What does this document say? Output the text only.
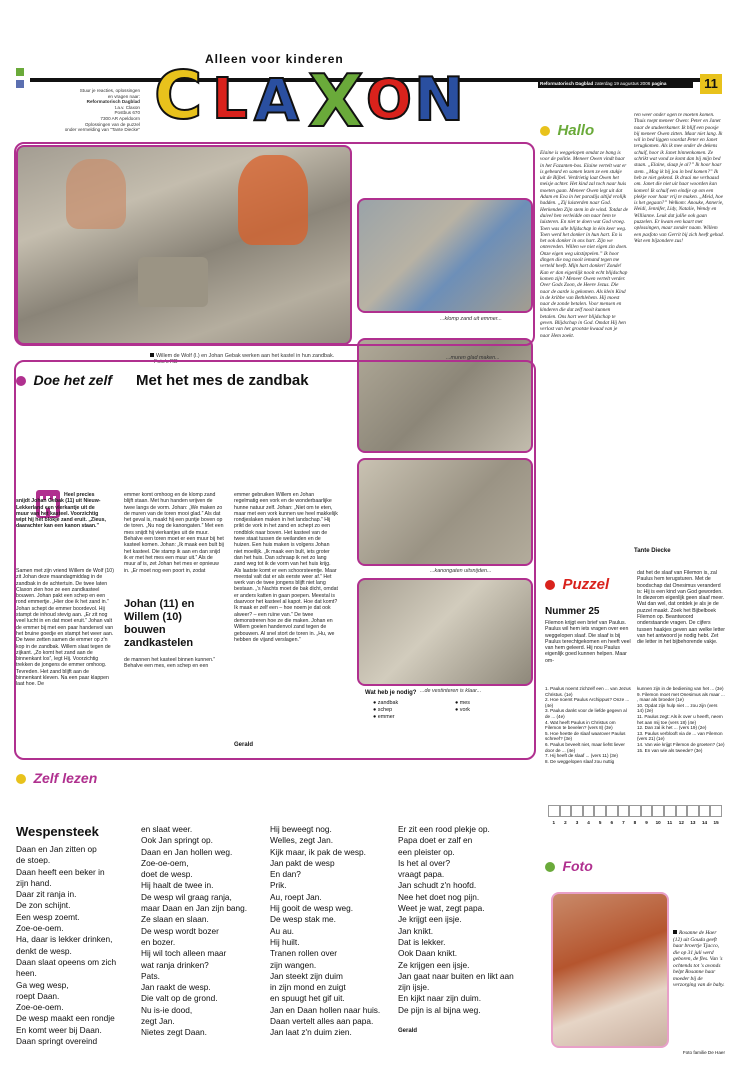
Alleen voor kinderen
C L A X O N	Reformatorisch Dagblad zaterdag 19 augustus 2006 pagina	11
Stuur je reacties, oplossingen
en vragen naar:
Reformatorisch Dagblad
t.a.v. Claxon
Postbus 670
7300 AR Apeldoorn
Oplossingen van de puzzel
onder vermelding van "Tante Diecke"
Willem de Wolf (l.) en Johan Gebak werken aan het kastel in hun zandbak. Foto's RD
...klomp zand uit emmer...
...muren glad maken...
...kanongaten uitsnijden...
...de vestinteren is klaar...
Hallo
Elaine is weggelopen omdat ze bang is voor de politie. Meneer Owen vindt haar in het Fazanten-bos. Elaine vertelt wat er is gebeurd en samen lezen ze een stukje uit de Bijbel. Verdrietig laat Owen het meisje achter. Het kind zal toch naar huis moeten gaan. Meneer Owen legt uit dat Adam en Eva in het paradijs altijd vrolijk hadden. „Zij luisterden naar God. Herkenden Zijn stem in de wind. Totdat de duivel hen verleidde om naar hem te luisteren. En niet te doen wat God vroeg. Toen was alle blijdschap in één keer weg. Toen werd het donker in hun hart. En is het ook donker in ons hart. Zijn we ontevreden. Willen we niet eigen zin doen. Onze eigen weg uitstippelen.” Ik hoor dingen die nog nooit iemand tegen me verteld heeft. Mijn hart donker! Zonde! Kan er dan eigenlijk nooit echt blijdschap komen zijn? Meneer Owen vertelt verder. Over Gods Zoon, de Heere Jezus. Die naar de aarde is gekomen. Als klein Kind in de kribbe van Bethlehem. Hij moest naar de zonde betalen. Voor mensen en kinderen die dat zelf nooit kunnen betalen. Ons hart weer blijdschap te geven. Blijdschap in God. Omdat Hij hen verlost van het grootste kwaad van je naar Hem zoekt.
ren weer onder ogen te moeten komen. Thuis roept meneer Owen: Peter en Janet naar de studeerkamer. Ik blijf een poosje bij meneer Owen zitten. Maar niet lang. Ik wil in bed liggen voordat Peter en Janet terugkomen. Als ik mee onder de dekens schuif, hoor ik Janet binnenkomen. Ze schrikt wat vond ze komt dan bij mijn bed staan. „Elaine, slaap je al?” Ik hoor haar stem. „Mag ik bij jou in bed komen?” Ik heb ze niet gekend. Ik draai me verbaasd om. Janet die niet uit haar woorden kan komen! Ik schuif een eindje op om een plekje voor haar vrij te maken. „Meid, hoe is het gegaan?” Welkom: Anouke, Annerie, Heidi, Jennifer, Lidy, Natalie, Wendy en Willianne. Leuk dat jullie ook gaan puzzelen. Er kwam een kaart met oplossingen, maar zonder naam. Willem een pasfoto van Gerrit bij zich heeft gehad. Wat een bijzondere zus!
Tante Diecke
Doe het zelf Met het mes de zandbak
Heel precies snijdt Johan Gebak (11) uit Nieuw-Lekkerland een vierkantje uit de muur van het kasteel. Voorzichtig wipt hij het blokje zand eruit. „Zieus, daarachter kan een kanon staan.”
Samen met zijn vriend Willem de Wolf (10) zit Johan deze maandagmiddag in de zandbak in de achtertuin. De twee laten Claxon zien hoe ze een zandkasteel bouwen. Johan pakt een schep en een rond emmertje. „Hier doe ik het zand in.” Johan schept de emmer boordevol. Hij stampt de inhoud stevig aan. „Er zit nog veel lucht in en dat moet eruit.” Johan valt de emmer bij met een paar handenvol van het bruine goedje en stampt het weer aan. De twee zetten samen de emmer op z'n kop in de zandbak. Willem slaat tegen de zijkant. „Zo komt het zand aan de binnenkant los”, legt Hij. Voorzichtig trekken de jongens de emmer omhoog. Tevreden. Het zand blijft aan de binnenkant kleven. Na een paar klappen laat hoe. De
emmer komt omhoog en de klomp zand blijft staan. Met hun handen wrijven de twee langs de vorm. Johan: „We maken zo de muren van de toren mooi glad.” Als dat het geval is, maakt hij een puntje boven op de toren. „Nu nog de kanongaten.” Met een mes snijdt hij vierkantjes uit de muur. Behalve een toren moet er een muur bij het kasteel komen. Johan: „Ik maak een bult bij het kasteel. Die stamp ik aan en dan snijd ik er met het mes een muur uit.” Als de muur af is, zet Johan het mes er opnieuw in. „Er moet nog een poort in, zodat
Johan (11) en Willem (10) bouwen zandkastelen
de mannen het kasteel binnen kunnen.” Behalve een mes, een schep en een
emmer gebruiken Willem en Johan regelmatig een vork en de wonderbaarlijke hunne natuur zelf. Johan: „Niet om te eten, maar met een vork kunnen we heel makkelijk rondjeslaken maken in het landschap.” Hij prikt de vork in het zand en schept zo een rondblok naar boven. Het kasteel van de twee staat tussen de weilanden en de huizen. Een huis maken is volgens Johan niet moeilijk. „Ik maak een bult, iets groter dan het huis. Dan schraap ik net zo lang zand weg tot ik de vorm van het huis krijg. Als laatste komt er een schoorsteentje. Maar meestal valt dat er als eerste weer af.” Het werk van de twee jongens blijft niet lang bestaan. „'s Nachts moet de bak dicht, omdat er anders katten in gaan poepen. Meestal is daarvoor het kasteel al kapot. Hoe dat komt? Ik maak er zelf een – hoe noem je dat ook alweer? – een ruïne van.” De twee demonstreren hoe ze die maken. Johan en Willem goeien handenvol zand tegen de gebouwen. Al snel stort de toren in. „Hu, we hebben de vijand verslagen.”
Gerald
Wat heb je nodig?
● zandbak	● mes
● schep	● vork
● emmer
Puzzel
Nummer 25
Filemon krijgt een brief van Paulus. Paulus wil hem iets vragen over een weggelopen slaaf. Die slaaf is bij Paulus terechtgekomen en heeft veel van hem geleerd. Hij nou Paulus eigenlijk goed kunnen helpen. Maar om-
dat het de slaaf van Filemon is, zal Paulus hem terugsturen. Met de boodschap dat Onesimus veranderd is: Hij is een kind van God geworden. In diezerom eigenlijk geen slaaf meer. Wat dan wel, dat ontdek je als je de puzzel maakt. Zoek het Bijbelboek Filemon op. Beantwoord onderstaande vragen. De cijfers tussen haakjes geven aan welke letter van het antwoord je nodig hebt. Zet die letter in het bijbehorende vakje.
1. Paulus noemt zichzelf een ... van Jezus Christus. (1e)
2. Hoe noemt Paulus Archippus? Onze ... (4e)
3. Paulus dankt voor de liefde gegevn al de ... (4e)
4. Wat heeft Paulus in Christus om Filemon te bevelen? (vers 8) (3e)
5. Hoe heette de slaaf waarover Paulus schreef? (3e)
6. Paulus beveelt niet, maar liefst liever door de ... (4e)
7. Hij heeft de slaaf ... (vers 11) (3e)
8. De weggelopen slaaf zou nuttig
kunnen zijn in de bediening van het ... (3e)
9. Filemon moet met Onesimus als maar ... , maar als broeder (1e)
10. Opdat zijn hulp niet ... zou zijn (vers 14) (2e)
11. Paulus zegt: Als ik over u heerft, neem het aan mij toe (vers 18) (4e)
12. Dan zal ik het ... (vers 19) (2e)
13. Paulus verblooft via de ... van Filemon (vers 21) (1e)
14. Van wie krijgt Filemon de groeten? (1e)
15. En van wie als tweede? (3e)
1	2	3	4	5	6	7	8	9	10	11	12	13	14	15
Foto
Rosanne de Haer (12) uit Gouda geeft haar broertje Tjacco, die op 31 juli werd geboren, de fles. Van 's ochtends tot 's avonds helpt Rosanne haar moeder bij de verzorging van de baby.
Foto familie De Haer
Zelf lezen
Wespensteek
Daan en Jan zitten op
de stoep.
Daan heeft een beker in
zijn hand.
Daar zit ranja in.
De zon schijnt.
Een wesp zoemt.
Zoe-oe-oem.
Ha, daar is lekker drinken,
denkt de wesp.
Daan slaat opeens om zich heen.
Ga weg wesp,
roept Daan.
Zoe-oe-oem.
De wesp maakt een rondje
En komt weer bij Daan.
Daan springt overeind
en slaat weer.
Ook Jan springt op.
Daan en Jan hollen weg.
Zoe-oe-oem,
doet de wesp.
Hij haalt de twee in.
De wesp wil graag ranja,
maar Daan en Jan zijn bang.
Ze slaan en slaan.
De wesp wordt bozer
en bozer.
Hij wil toch alleen maar
wat ranja drinken?
Pats.
Jan raakt de wesp.
Die valt op de grond.
Nu is-ie dood,
zegt Jan.
Nietes zegt Daan.
Hij beweegt nog.
Welles, zegt Jan.
Kijk maar, ik pak de wesp.
Jan pakt de wesp
En dan?
Prik.
Au, roept Jan.
Hij gooit de wesp weg.
De wesp stak me.
Au au.
Hij huilt.
Tranen rollen over
zijn wangen.
Jan steekt zijn duim
in zijn mond en zuigt
en spuugt het gif uit.
Jan en Daan hollen naar huis.
Daan vertelt alles aan papa.
Jan laat z'n duim zien.
Er zit een rood plekje op.
Papa doet er zalf en
een pleister op.
Is het al over?
vraagt papa.
Jan schudt z'n hoofd.
Nee het doet nog pijn.
Weet je wat, zegt papa.
Je krijgt een ijsje.
Jan knikt.
Dat is lekker.
Ook Daan knikt.
Ze krijgen een ijsje.
Jan gaat naar buiten en likt aan
zijn ijsje.
En kijkt naar zijn duim.
De pijn is al bijna weg.
Gerald
